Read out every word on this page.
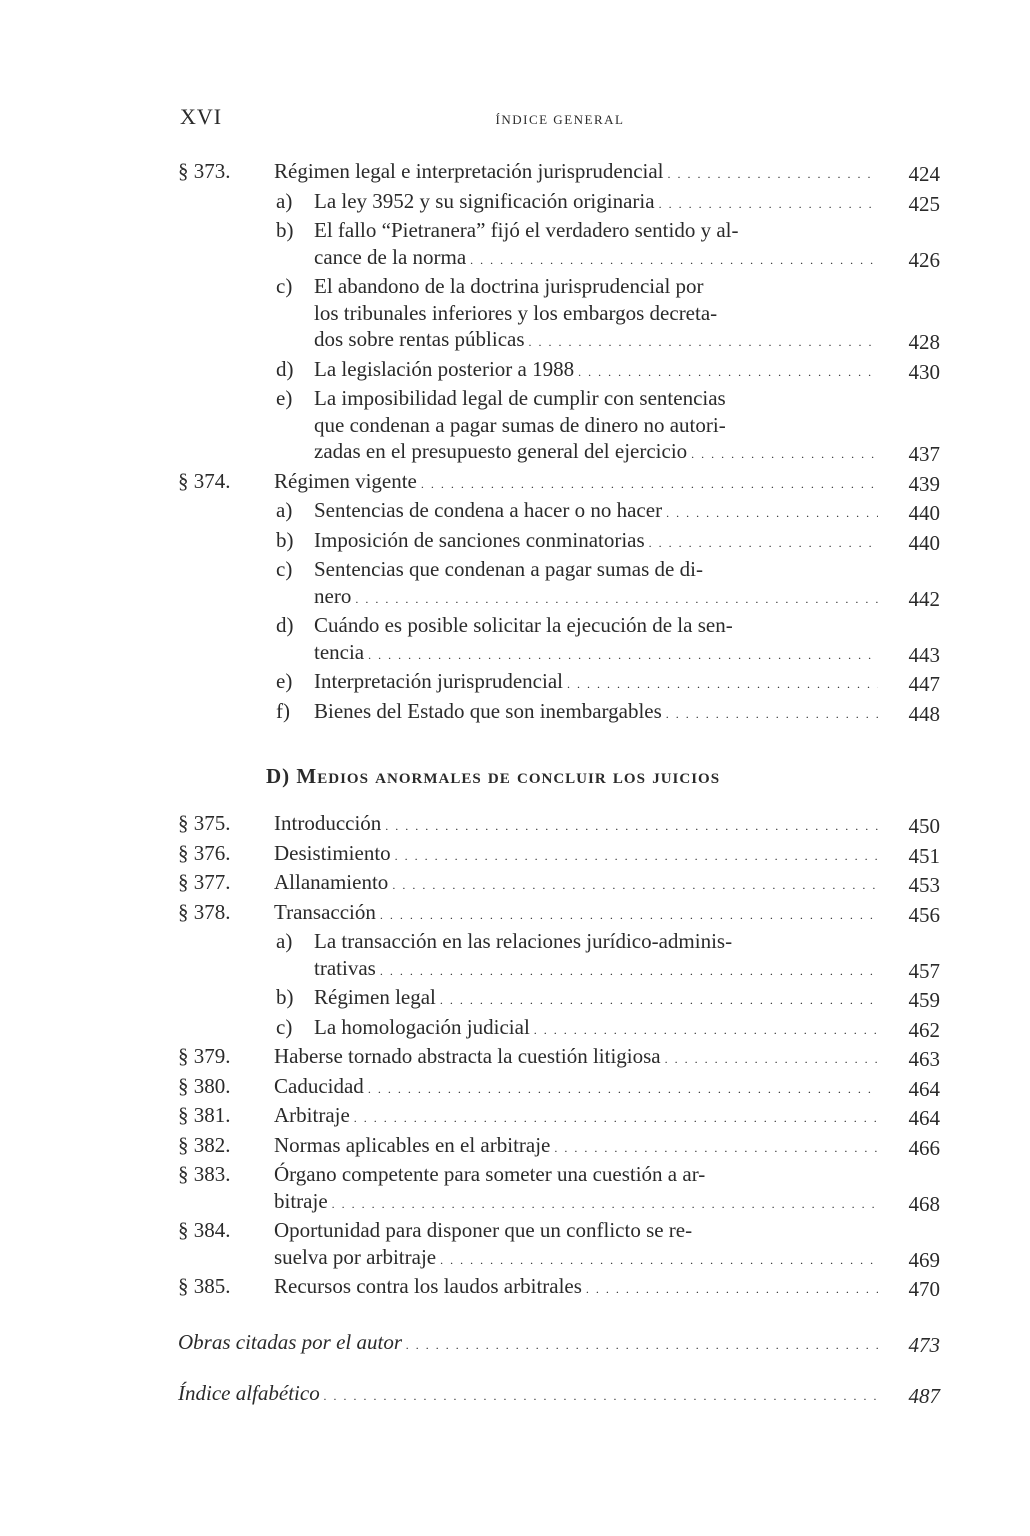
XVI	ÍNDICE GENERAL
§ 373. Régimen legal e interpretación jurisprudencial . . .	424
a) La ley 3952 y su significación originaria . . .	425
b) El fallo “Pietranera” fijó el verdadero sentido y al-
cance de la norma . . .	426
c) El abandono de la doctrina jurisprudencial por
los tribunales inferiores y los embargos decreta-
dos sobre rentas públicas . . .	428
d) La legislación posterior a 1988 . . .	430
e) La imposibilidad legal de cumplir con sentencias
que condenan a pagar sumas de dinero no autori-
zadas en el presupuesto general del ejercicio . . .	437
§ 374. Régimen vigente . . .	439
a) Sentencias de condena a hacer o no hacer . . .	440
b) Imposición de sanciones conminatorias . . .	440
c) Sentencias que condenan a pagar sumas de di-
nero . . .	442
d) Cuándo es posible solicitar la ejecución de la sen-
tencia . . .	443
e) Interpretación jurisprudencial . . .	447
f) Bienes del Estado que son inembargables . . .	448
D) Medios anormales de concluir los juicios
§ 375. Introducción . . .	450
§ 376. Desistimiento . . .	451
§ 377. Allanamiento . . .	453
§ 378. Transacción . . .	456
a) La transacción en las relaciones jurídico-adminis-
trativas . . .	457
b) Régimen legal . . .	459
c) La homologación judicial . . .	462
§ 379. Haberse tornado abstracta la cuestión litigiosa . . .	463
§ 380. Caducidad . . .	464
§ 381. Arbitraje . . .	464
§ 382. Normas aplicables en el arbitraje . . .	466
§ 383. Órgano competente para someter una cuestión a ar-
bitraje . . .	468
§ 384. Oportunidad para disponer que un conflicto se re-
suelva por arbitraje . . .	469
§ 385. Recursos contra los laudos arbitrales . . .	470
Obras citadas por el autor . . .	473
Índice alfabético . . .	487
